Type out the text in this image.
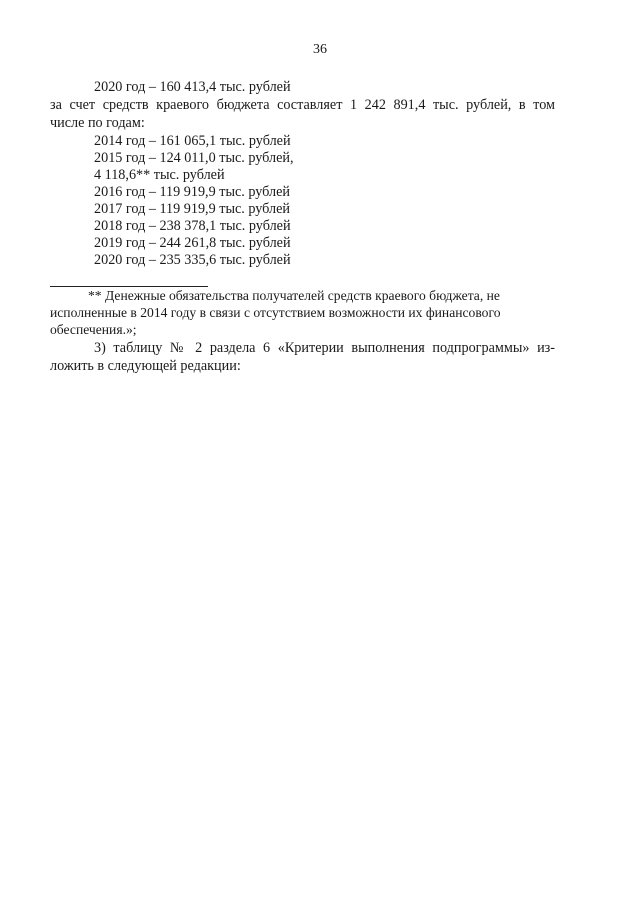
36
2020 год – 160 413,4 тыс. рублей
за счет средств краевого бюджета составляет 1 242 891,4 тыс. рублей, в том
числе по годам:
2014 год – 161 065,1 тыс. рублей
2015 год – 124 011,0 тыс. рублей,
4 118,6** тыс. рублей
2016 год – 119 919,9 тыс. рублей
2017 год – 119 919,9 тыс. рублей
2018 год – 238 378,1 тыс. рублей
2019 год – 244 261,8 тыс. рублей
2020 год – 235 335,6 тыс. рублей
** Денежные обязательства получателей средств краевого бюджета, не
исполненные в 2014 году в связи с отсутствием возможности их финансового
обеспечения.»;
3) таблицу № 2 раздела 6 «Критерии выполнения подпрограммы» из-
ложить в следующей редакции:
